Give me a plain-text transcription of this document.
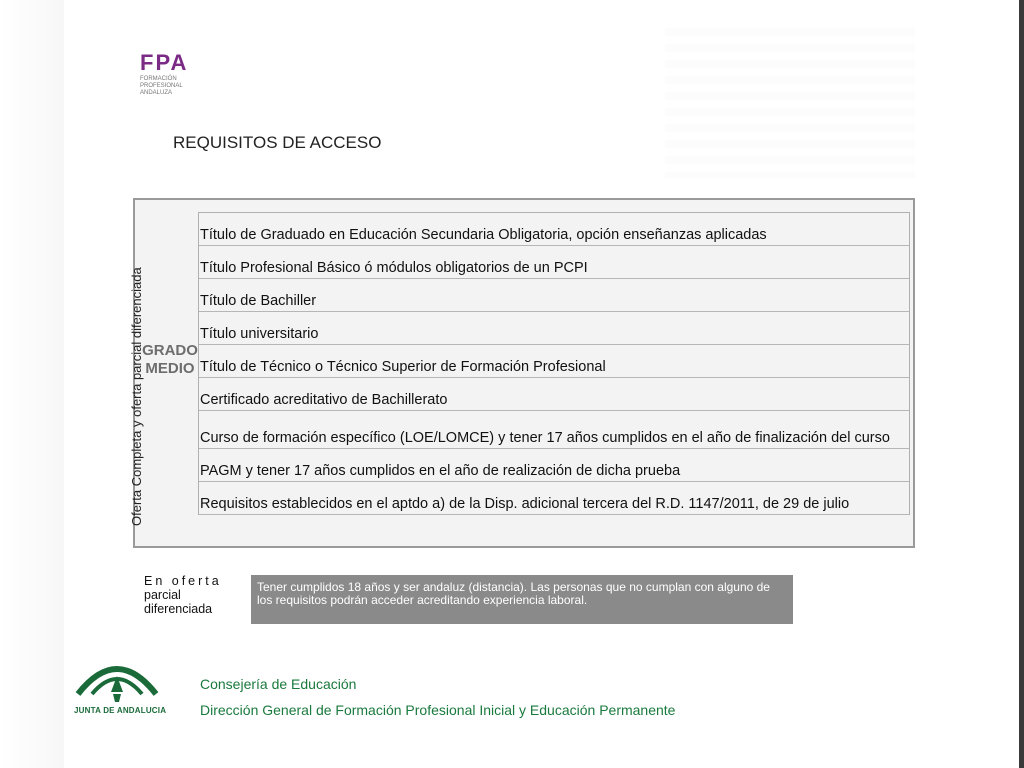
FPA
FORMACIÓN
PROFESIONAL
ANDALUZA
REQUISITOS DE ACCESO
Oferta Completa y oferta parcial diferenciada
GRADO MEDIO
Título de Graduado en Educación Secundaria Obligatoria, opción enseñanzas aplicadas
Título Profesional Básico ó módulos obligatorios de un PCPI
Título de Bachiller
Título universitario
Título de Técnico o Técnico Superior de Formación Profesional
Certificado acreditativo de Bachillerato
Curso de formación específico (LOE/LOMCE) y tener 17 años cumplidos en el año de finalización del curso
PAGM y tener 17 años cumplidos en el año de realización de dicha prueba
Requisitos establecidos en el aptdo a) de la Disp. adicional tercera del R.D. 1147/2011, de 29 de julio
En oferta
parcial
diferenciada
Tener cumplidos 18 años y ser andaluz (distancia). Las personas que no cumplan con alguno de los requisitos podrán acceder acreditando experiencia laboral.
JUNTA DE ANDALUCIA
Consejería de Educación
Dirección General de Formación Profesional Inicial y Educación Permanente
